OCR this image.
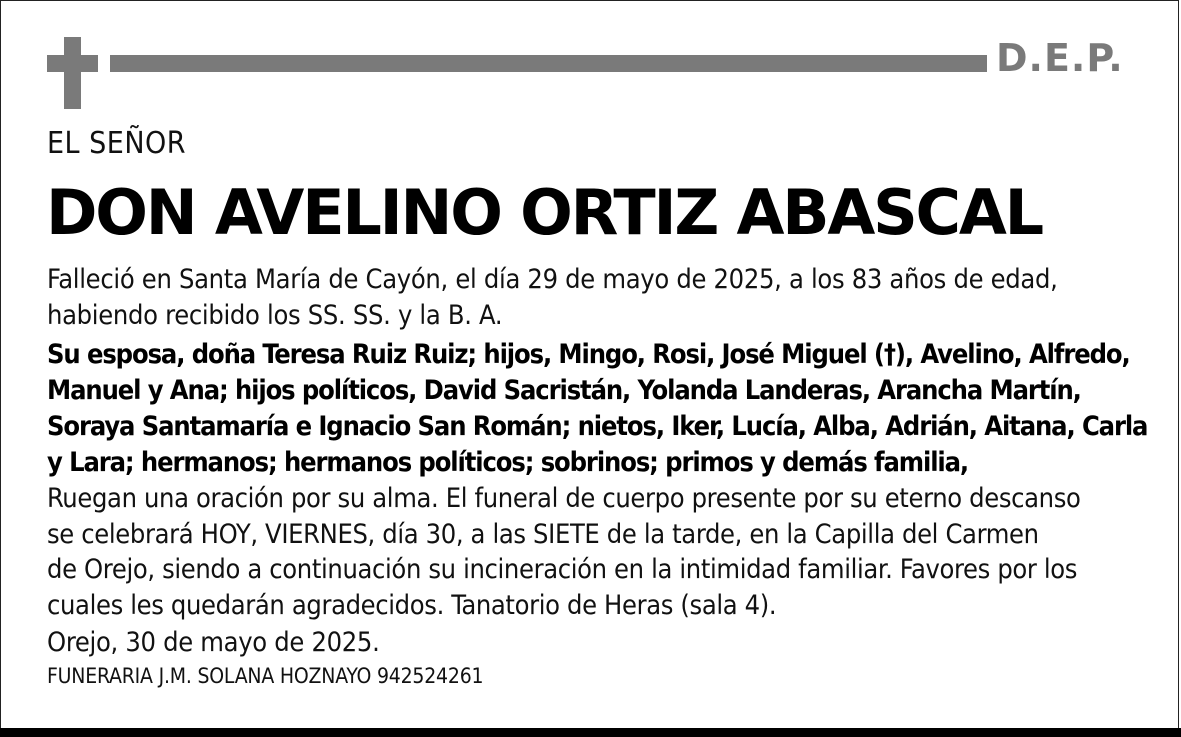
D.E.P.
EL SEÑOR
DON AVELINO ORTIZ ABASCAL
Falleció en Santa María de Cayón, el día 29 de mayo de 2025, a los 83 años de edad,
habiendo recibido los SS. SS. y la B. A.
Su esposa, doña Teresa Ruiz Ruiz; hijos, Mingo, Rosi, José Miguel (†), Avelino, Alfredo,
Manuel y Ana; hijos políticos, David Sacristán, Yolanda Landeras, Arancha Martín,
Soraya Santamaría e Ignacio San Román; nietos, Iker, Lucía, Alba, Adrián, Aitana, Carla
y Lara; hermanos; hermanos políticos; sobrinos; primos y demás familia,
Ruegan una oración por su alma. El funeral de cuerpo presente por su eterno descanso
se celebrará HOY, VIERNES, día 30, a las SIETE de la tarde, en la Capilla del Carmen
de Orejo, siendo a continuación su incineración en la intimidad familiar. Favores por los
cuales les quedarán agradecidos. Tanatorio de Heras (sala 4).
Orejo, 30 de mayo de 2025.
FUNERARIA J.M. SOLANA HOZNAYO 942524261
